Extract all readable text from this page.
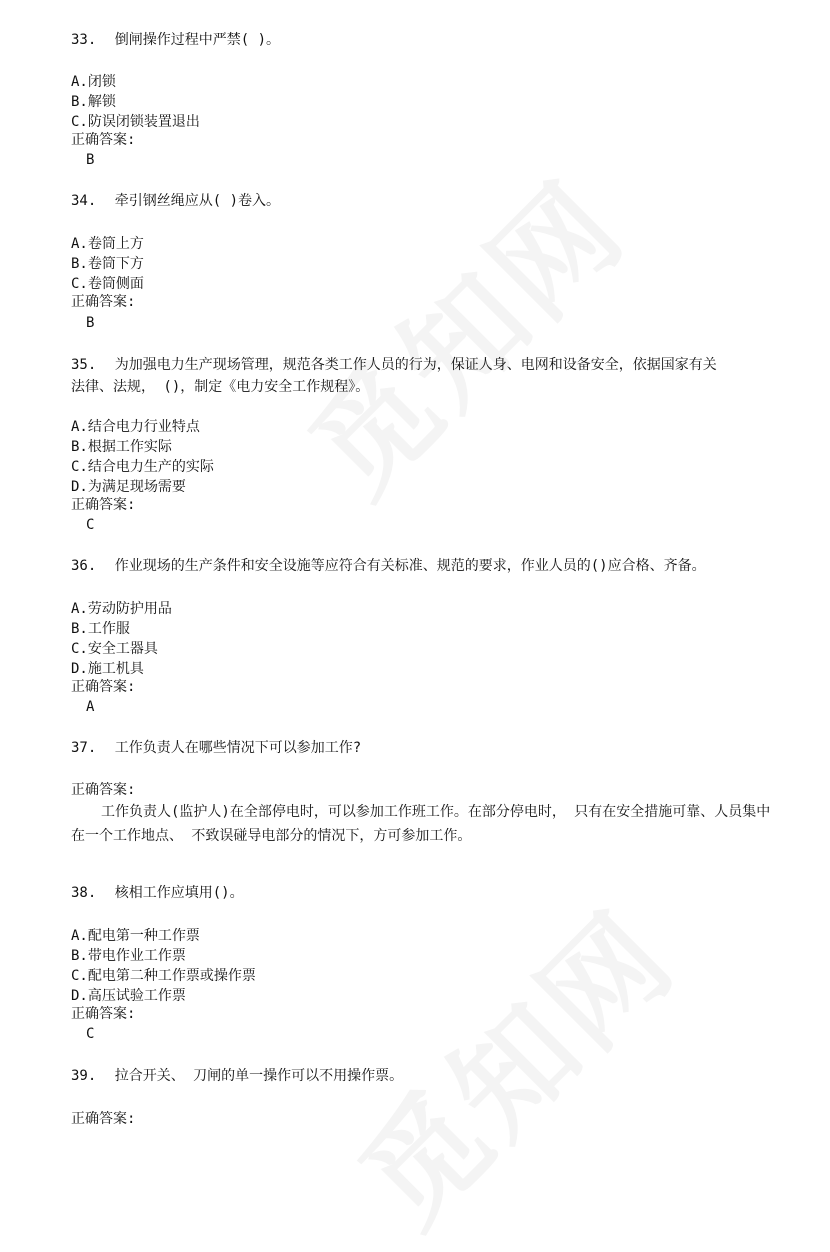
33. 倒闸操作过程中严禁( )。
A.闭锁
B.解锁
C.防误闭锁装置退出
正确答案:
B
34. 牵引钢丝绳应从( )卷入。
A.卷筒上方
B.卷筒下方
C.卷筒侧面
正确答案:
B
35. 为加强电力生产现场管理，规范各类工作人员的行为，保证人身、电网和设备安全，依据国家有关
法律、法规， ()，制定《电力安全工作规程》。
A.结合电力行业特点
B.根据工作实际
C.结合电力生产的实际
D.为满足现场需要
正确答案:
C
36. 作业现场的生产条件和安全设施等应符合有关标准、规范的要求，作业人员的()应合格、齐备。
A.劳动防护用品
B.工作服
C.安全工器具
D.施工机具
正确答案:
A
37. 工作负责人在哪些情况下可以参加工作?
正确答案:
工作负责人(监护人)在全部停电时，可以参加工作班工作。在部分停电时， 只有在安全措施可靠、人员集中在一个工作地点、 不致误碰导电部分的情况下，方可参加工作。
38. 核相工作应填用()。
A.配电第一种工作票
B.带电作业工作票
C.配电第二种工作票或操作票
D.高压试验工作票
正确答案:
C
39. 拉合开关、 刀闸的单一操作可以不用操作票。
正确答案:
